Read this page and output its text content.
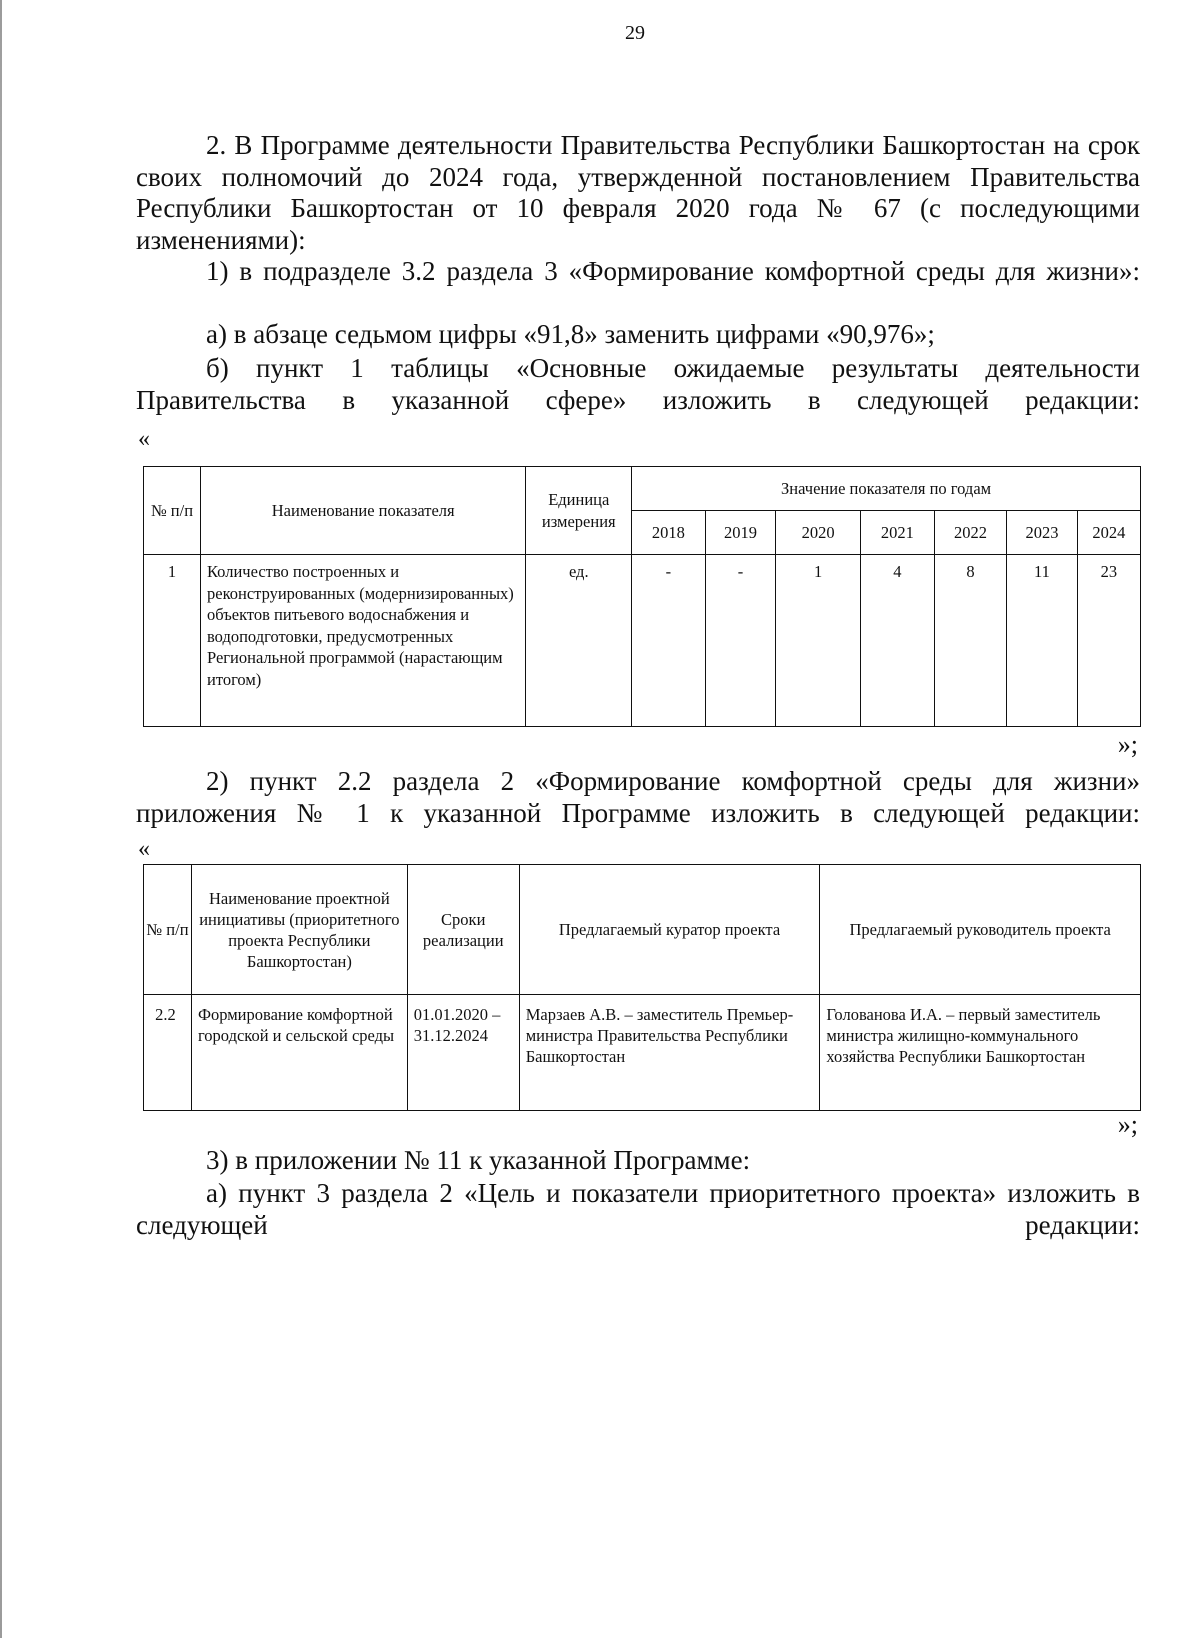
29
2. В Программе деятельности Правительства Республики Башкортостан на срок своих полномочий до 2024 года, утвержденной постановлением Правительства Республики Башкортостан от 10 февраля 2020 года № 67 (с последующими изменениями):
1) в подразделе 3.2 раздела 3 «Формирование комфортной среды для жизни»:
а) в абзаце седьмом цифры «91,8» заменить цифрами «90,976»;
б) пункт 1 таблицы «Основные ожидаемые результаты деятельности Правительства в указанной сфере» изложить в следующей редакции:
«
№ п/п	Наименование показателя	Единица измерения	Значение показателя по годам						
			2018	2019	2020	2021	2022	2023	2024
1	Количество построенных и реконструированных (модернизированных) объектов питьевого водоснабжения и водоподготовки, предусмотренных Региональной программой (нарастающим итогом)	ед.	-	-	1	4	8	11	23
»;
2) пункт 2.2 раздела 2 «Формирование комфортной среды для жизни» приложения № 1 к указанной Программе изложить в следующей редакции:
«
№ п/п	Наименование проектной инициативы (приоритетного проекта Республики Башкортостан)	Сроки реализации	Предлагаемый куратор проекта	Предлагаемый руководитель проекта
2.2	Формирование комфортной городской и сельской среды	01.01.2020 – 31.12.2024	Марзаев А.В. – заместитель Премьер-министра Правительства Республики Башкортостан	Голованова И.А. – первый заместитель министра жилищно-коммунального хозяйства Республики Башкортостан
»;
3) в приложении № 11 к указанной Программе:
а) пункт 3 раздела 2 «Цель и показатели приоритетного проекта» изложить в следующей редакции:
